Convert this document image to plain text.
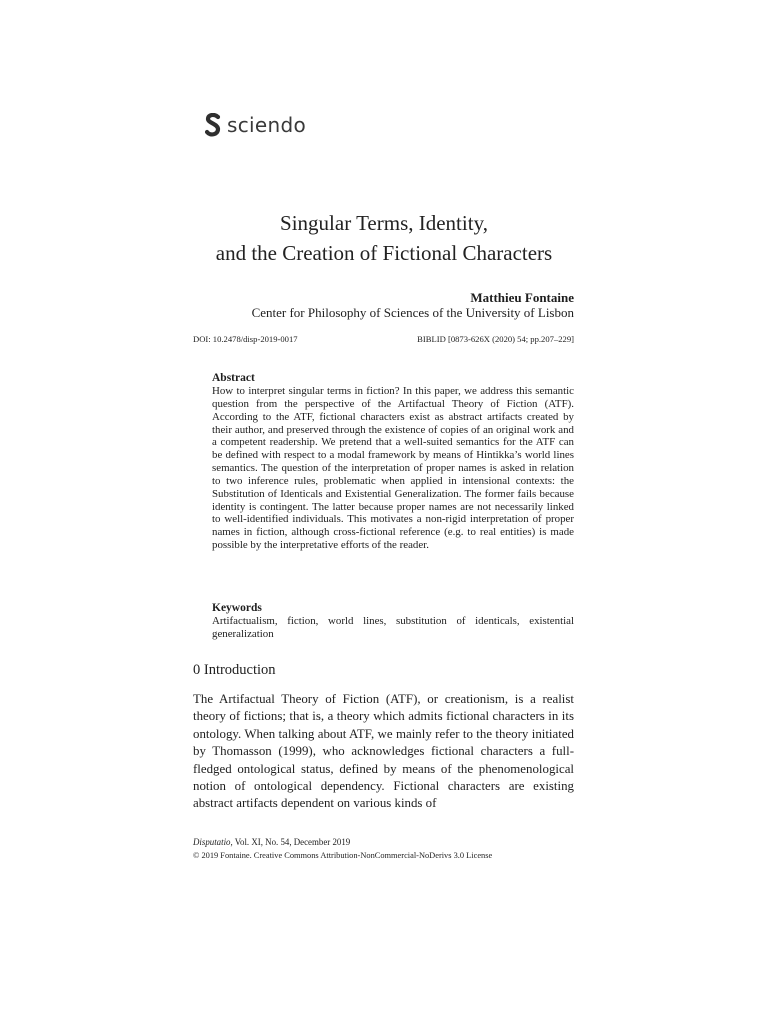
sciendo
Singular Terms, Identity,
and the Creation of Fictional Characters
Matthieu Fontaine
Center for Philosophy of Sciences of the University of Lisbon
DOI: 10.2478/disp-2019-0017	BIBLID [0873-626X (2020) 54; pp.207–229]
Abstract
How to interpret singular terms in fiction? In this paper, we address this semantic question from the perspective of the Artifactual Theory of Fiction (ATF). According to the ATF, fictional characters exist as abstract artifacts created by their author, and preserved through the existence of copies of an original work and a competent readership. We pretend that a well-suited semantics for the ATF can be defined with respect to a modal framework by means of Hintikka’s world lines semantics. The question of the interpretation of proper names is asked in relation to two inference rules, problematic when applied in intensional contexts: the Substitution of Identicals and Existential Generalization. The former fails because identity is contingent. The latter because proper names are not necessarily linked to well-identified individuals. This motivates a non-rigid interpretation of proper names in fiction, although cross-fictional reference (e.g. to real entities) is made possible by the interpretative efforts of the reader.
Keywords
Artifactualism, fiction, world lines, substitution of identicals, existential generalization
0 Introduction
The Artifactual Theory of Fiction (ATF), or creationism, is a realist theory of fictions; that is, a theory which admits fictional characters in its ontology. When talking about ATF, we mainly refer to the theory initiated by Thomasson (1999), who acknowledges fictional characters a full-fledged ontological status, defined by means of the phenomenological notion of ontological dependency. Fictional characters are existing abstract artifacts dependent on various kinds of
Disputatio, Vol. XI, No. 54, December 2019
© 2019 Fontaine. Creative Commons Attribution-NonCommercial-NoDerivs 3.0 License
